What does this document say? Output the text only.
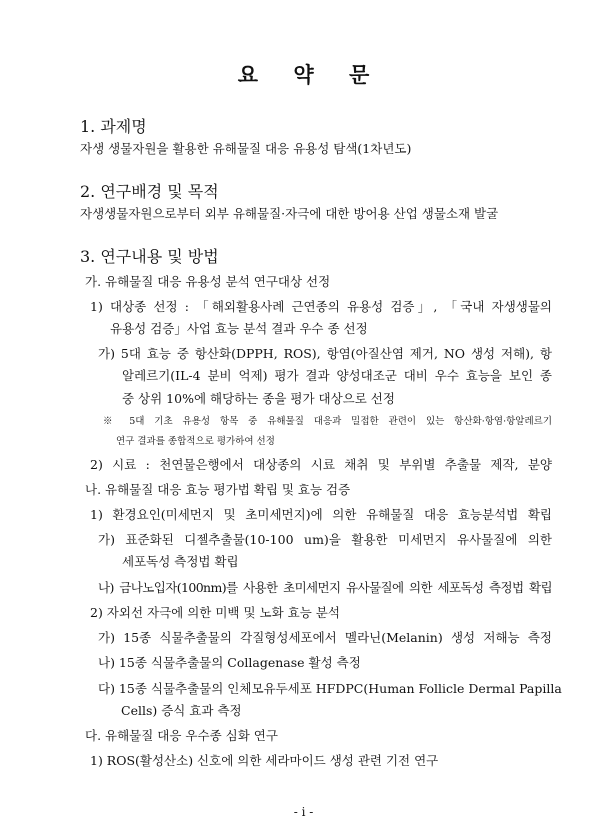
요 약 문
1. 과제명
자생 생물자원을 활용한 유해물질 대응 유용성 탐색(1차년도)
2. 연구배경 및 목적
자생생물자원으로부터 외부 유해물질·자극에 대한 방어용 산업 생물소재 발굴
3. 연구내용 및 방법
가. 유해물질 대응 유용성 분석 연구대상 선정
1) 대상종 선정 : 「해외활용사례 근연종의 유용성 검증」, 「국내 자생생물의
유용성 검증」사업 효능 분석 결과 우수 종 선정
가) 5대 효능 중 항산화(DPPH, ROS), 항염(아질산염 제거, NO 생성 저해), 항
알레르기(IL-4 분비 억제) 평가 결과 양성대조군 대비 우수 효능을 보인 종
중 상위 10%에 해당하는 종을 평가 대상으로 선정
※ 5대 기초 유용성 항목 중 유해물질 대응과 밀접한 관련이 있는 항산화·항염·항알레르기
연구 결과를 종합적으로 평가하여 선정
2) 시료 : 천연물은행에서 대상종의 시료 채취 및 부위별 추출물 제작, 분양
나. 유해물질 대응 효능 평가법 확립 및 효능 검증
1) 환경요인(미세먼지 및 초미세먼지)에 의한 유해물질 대응 효능분석법 확립
가) 표준화된 디젤추출물(10-100 um)을 활용한 미세먼지 유사물질에 의한
세포독성 측정법 확립
나) 금나노입자(100nm)를 사용한 초미세먼지 유사물질에 의한 세포독성 측정법 확립
2) 자외선 자극에 의한 미백 및 노화 효능 분석
가) 15종 식물추출물의 각질형성세포에서 멜라닌(Melanin) 생성 저해능 측정
나) 15종 식물추출물의 Collagenase 활성 측정
다) 15종 식물추출물의 인체모유두세포 HFDPC(Human Follicle Dermal Papilla
Cells) 증식 효과 측정
다. 유해물질 대응 우수종 심화 연구
1) ROS(활성산소) 신호에 의한 세라마이드 생성 관련 기전 연구
- i -
